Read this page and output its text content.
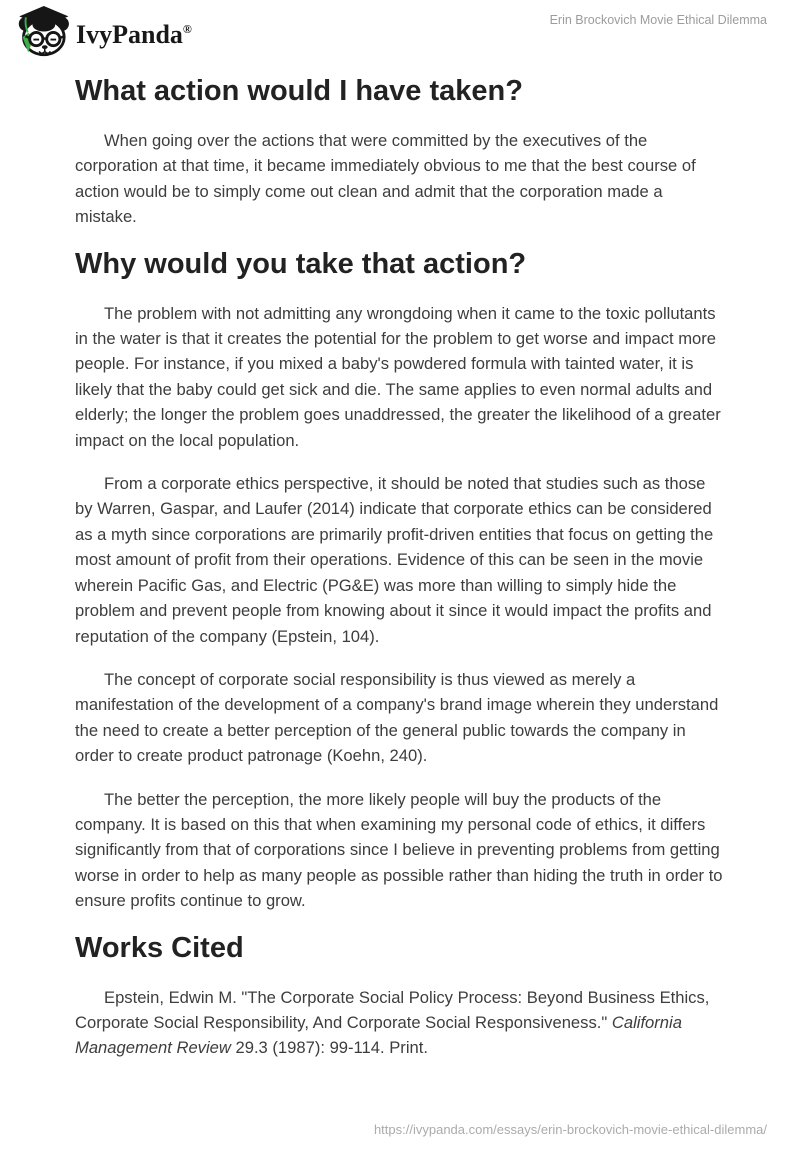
IvyPanda®
Erin Brockovich Movie Ethical Dilemma
What action would I have taken?

When going over the actions that were committed by the executives of the corporation at that time, it became immediately obvious to me that the best course of action would be to simply come out clean and admit that the corporation made a mistake.

Why would you take that action?

The problem with not admitting any wrongdoing when it came to the toxic pollutants in the water is that it creates the potential for the problem to get worse and impact more people. For instance, if you mixed a baby's powdered formula with tainted water, it is likely that the baby could get sick and die. The same applies to even normal adults and elderly; the longer the problem goes unaddressed, the greater the likelihood of a greater impact on the local population.

From a corporate ethics perspective, it should be noted that studies such as those by Warren, Gaspar, and Laufer (2014) indicate that corporate ethics can be considered as a myth since corporations are primarily profit-driven entities that focus on getting the most amount of profit from their operations. Evidence of this can be seen in the movie wherein Pacific Gas, and Electric (PG&E) was more than willing to simply hide the problem and prevent people from knowing about it since it would impact the profits and reputation of the company (Epstein, 104).

The concept of corporate social responsibility is thus viewed as merely a manifestation of the development of a company's brand image wherein they understand the need to create a better perception of the general public towards the company in order to create product patronage (Koehn, 240).

The better the perception, the more likely people will buy the products of the company. It is based on this that when examining my personal code of ethics, it differs significantly from that of corporations since I believe in preventing problems from getting worse in order to help as many people as possible rather than hiding the truth in order to ensure profits continue to grow.

Works Cited

Epstein, Edwin M. "The Corporate Social Policy Process: Beyond Business Ethics, Corporate Social Responsibility, And Corporate Social Responsiveness." California Management Review 29.3 (1987): 99-114. Print.

https://ivypanda.com/essays/erin-brockovich-movie-ethical-dilemma/
